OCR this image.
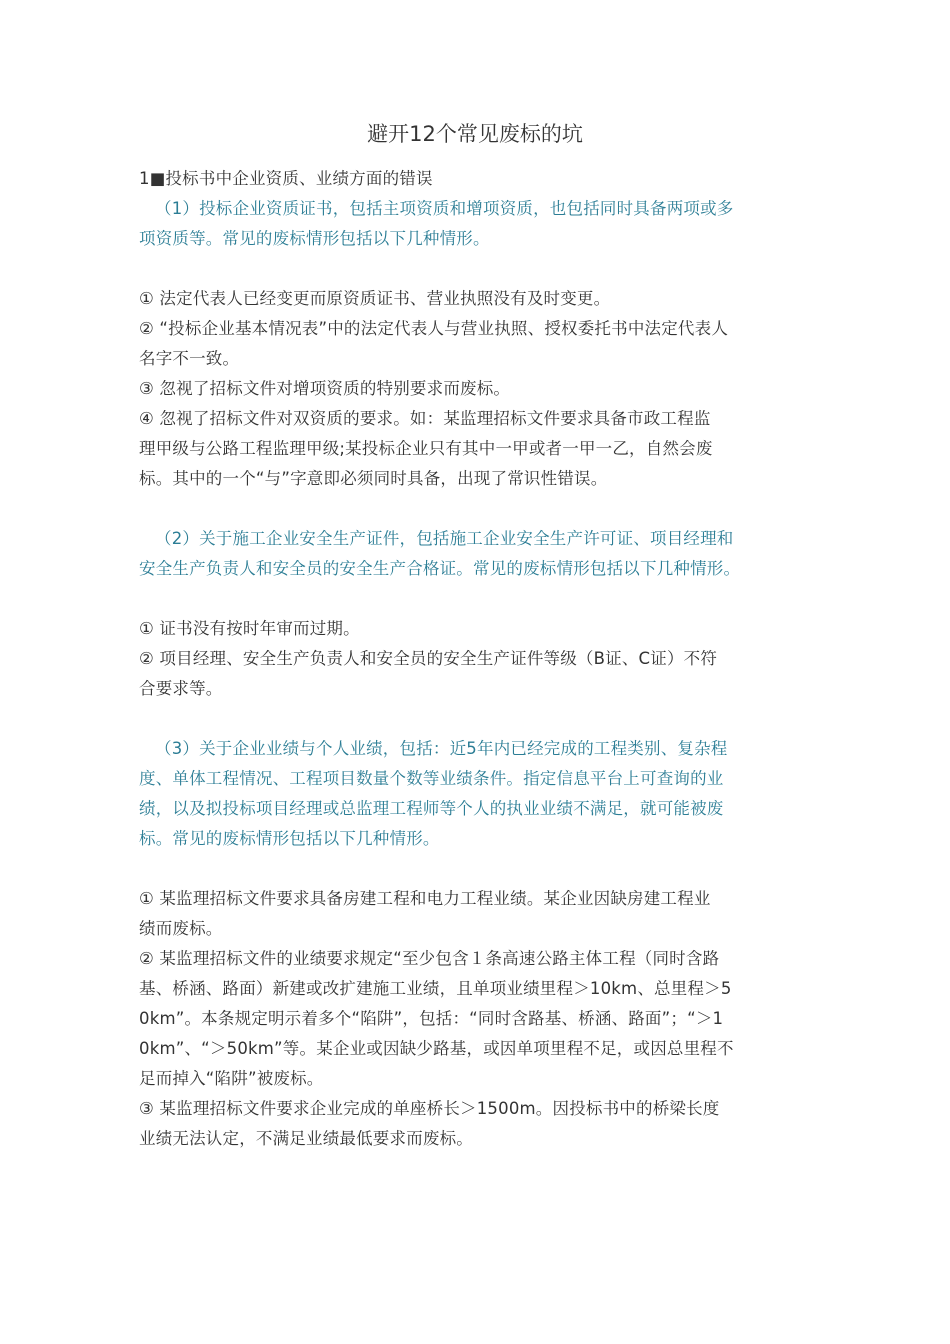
避开12个常见废标的坑
1■投标书中企业资质、业绩方面的错误
（1）投标企业资质证书，包括主项资质和增项资质，也包括同时具备两项或多
项资质等。常见的废标情形包括以下几种情形。
① 法定代表人已经变更而原资质证书、营业执照没有及时变更。
② “投标企业基本情况表”中的法定代表人与营业执照、授权委托书中法定代表人
名字不一致。
③ 忽视了招标文件对增项资质的特别要求而废标。
④ 忽视了招标文件对双资质的要求。如：某监理招标文件要求具备市政工程监
理甲级与公路工程监理甲级;某投标企业只有其中一甲或者一甲一乙，自然会废
标。其中的一个“与”字意即必须同时具备，出现了常识性错误。
（2）关于施工企业安全生产证件，包括施工企业安全生产许可证、项目经理和
安全生产负责人和安全员的安全生产合格证。常见的废标情形包括以下几种情形。
① 证书没有按时年审而过期。
② 项目经理、安全生产负责人和安全员的安全生产证件等级（B证、C证）不符
合要求等。
（3）关于企业业绩与个人业绩，包括：近5年内已经完成的工程类别、复杂程
度、单体工程情况、工程项目数量个数等业绩条件。指定信息平台上可查询的业
绩，以及拟投标项目经理或总监理工程师等个人的执业业绩不满足，就可能被废
标。常见的废标情形包括以下几种情形。
① 某监理招标文件要求具备房建工程和电力工程业绩。某企业因缺房建工程业
绩而废标。
② 某监理招标文件的业绩要求规定“至少包含１条高速公路主体工程（同时含路
基、桥涵、路面）新建或改扩建施工业绩，且单项业绩里程＞10km、总里程＞5
0km”。本条规定明示着多个“陷阱”，包括：“同时含路基、桥涵、路面”；“＞1
0km”、“＞50km”等。某企业或因缺少路基，或因单项里程不足，或因总里程不
足而掉入“陷阱”被废标。
③ 某监理招标文件要求企业完成的单座桥长＞1500m。因投标书中的桥梁长度
业绩无法认定，不满足业绩最低要求而废标。
